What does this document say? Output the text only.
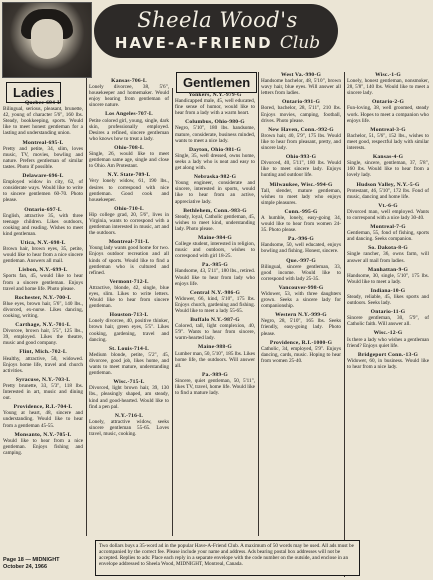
Sheela Wood's
HAVE-A-FRIEND Club
Ladies
Gentlemen
Quebec-694-L
Bilingual, serious, pleasant, brunette, 42, young of character 5'6", 160 lbs. Steady, bookkeeping, sports. Would like to meet honest gentleman for a lasting and understanding union.
Montreal-695-L
Pretty and petite, 34, slim, loves music, TV, movies, bowling and nature. Prefers gentleman of similar tastes. Photo if possible.
Delaware-696-L
Employed widow in city, 62, of considerate ways. Would like to write to sincere gentlemen 60-70. Photo please.
Ontario-697-L
English, attractive 35, with three teenage children. Likes outdoors, cooking and reading. Wishes to meet kind gentleman.
Utica, N.Y.-698-L
Brown hair, brown eyes, 35, petite, would like to hear from a nice sincere gentleman. Answers all mail.
Lisbon, N.Y.-699-L
Sports fan, 45, would like to hear from a sincere gentleman. Enjoys travel and home life. Photo please.
Rochester, N.Y.-700-L
Blue eyes, brown hair, 5'6", 140 lbs., divorced, ex-nurse. Likes dancing, cooking, writing.
Carthage, N.Y.-701-L
Divorcee, brown hair, 5'5", 125 lbs., 39, employed. Likes the theatre, music and good company.
Flint, Mich.-702-L
Healthy, attractive, 50, widowed. Enjoys home life, travel and church activities.
Syracuse, N.Y.-703-L
Pretty brunette, 33, 5'3", 118 lbs. Interested in art, music and dining out.
Providence, R.I.-704-L
Young at heart, 48, sincere and understanding. Would like to hear from a gentleman 45-55.
Monsanto, N.Y.-705-L
Would like to hear from a nice gentleman. Enjoys fishing and camping.
Kansas-706-L
Lonely divorcee, 38, 5'6", housekeeper and homemaker. Would enjoy hearing from gentleman of sincere nature.
Los Angeles-707-L
Petite colored girl, young, single, dark skin, professionally employed. Desires a refined, sincere gentleman who knows how to treat a lady.
Ohio-708-L
Single, 26, would like to meet gentleman same age, single and close to Ohio. Am Protestant.
N.Y. State-709-L
Very lonely widow, 61, 190 lbs., desires to correspond with nice gentleman. Good cook and housekeeper.
Ohio-710-L
Hip college grad, 20, 5'6", lives in Virginia, wants to correspond with a gentleman interested in music, art and the outdoors.
Montreal-711-L
Young lady wants good home for two. Enjoys outdoor recreation and all kinds of sports. Would like to find a gentleman who is cultured and refined.
Vermont-712-L
Attractive, blonde, 42, single, blue eyes, slim. Likes to write letters. Would like to hear from sincere gentleman.
Houston-713-L
Lonely divorcee, 40, positive thinker, brown hair, green eyes, 5'5". Likes cooking, gardening, travel and dancing.
St. Louis-714-L
Medium blonde, petite, 5'2", 45, divorcee, good job, likes home, and wants to meet mature, understanding gentleman.
Wisc.-715-L
Divorced, light brown hair, 39, 130 lbs., pleasingly shaped, am steady, kind and good-hearted. Would like to find a pen pal.
N.Y.-716-L
Lonely, attractive widow, seeks sincere gentleman 55-65. Loves travel, music, cooking.
Yonkers, N.Y.-979-G
Handicapped male, 45, well educated, fine sense of humor, would like to hear from a lady with a warm heart.
Columbus, Ohio-980-G
Negro, 5'10", 180 lbs. handsome, mature, considerate, business minded, wants to meet a nice lady.
Dayton, Ohio-981-G
Single, 35, well dressed, owns home, seeks a lady who is neat and easy to get along with.
Nebraska-982-G
Young engineer, considerate and sincere, interested in sports, would like to hear from an active, appreciative lady.
Bethlehem, Conn.-983-G
Steady, loyal, Catholic gentleman, 45, wishes to meet kind, understanding lady. Photo please.
Maine-984-G
College student, interested in religion, music and outdoors, wishes to correspond with girl 18-25.
Pa.-985-G
Handsome, 43, 5'11", 180 lbs., retired. Would like to hear from lady who enjoys life.
Central N.Y.-986-G
Widower, 66, kind, 5'10", 175 lbs. Enjoys church, gardening and fishing. Would like to meet a lady 55-65.
Buffalo N.Y.-987-G
Colored, tall, light complexion, 40, 5'9". Wants to hear from sincere, warm-hearted lady.
Maine-988-G
Lumber man, 50, 5'10", 185 lbs. Likes home life, the outdoors. Will answer all.
Pa.-989-G
Sincere, quiet gentleman, 50, 5'11", likes TV, travel, home life. Would like to find a mature lady.
West Va.-990-G
Handsome bachelor, 48, 5'10", brown wavy hair, blue eyes. Will answer all letters from ladies.
Ontario-991-G
Bored, bachelor, 28, 5'11", 210 lbs. Enjoys movies, camping, football, drives. Photo please.
New Haven, Conn.-992-G
Brown hair, 40, 5'9", 175 lbs. Would like to hear from pleasant, pretty, and sincere lady.
Ohio-993-G
Divorced, 40, 5'11", 180 lbs. Would like to meet sincere lady. Enjoys hunting and outdoor life.
Milwaukee, Wisc.-994-G
Tall, slender, mature gentleman, wishes to meet lady who enjoys simple pleasures.
Conn.-995-G
A humble, lonely, easy-going 34, would like to hear from women 24-35. Photo please.
Pa.-996-G
Handsome, 50, well educated, enjoys bowling and fishing. Honest, sincere.
Que.-997-G
Bilingual, sincere gentleman, 33, good income. Would like to correspond with lady 25-35.
Vancouver-998-G
Widower, 53, with three daughters grown. Seeks a sincere lady for companionship.
Western N.Y.-999-G
Negro, 28, 5'10", 165 lbs. Seeks friendly, easy-going lady. Photo please.
Providence, R.I.-1000-G
Catholic, 34, employed, 5'9". Enjoys dancing, cards, music. Hoping to hear from women 25-40.
Wisc.-1-G
Lonely, honest gentleman, nonsmoker, 28, 5'8", 140 lbs. Would like to meet a sincere lady.
Ontario-2-G
Fun-loving, 38, well groomed, steady work. Hopes to meet a companion who enjoys life.
Montreal-3-G
Bachelor, 51, 5'6", 152 lbs., wishes to meet good, respectful lady with similar interests.
Kansas-4-G
Single, sincere, gentleman, 37, 5'8", 160 lbs. Would like to hear from a lovely lady.
Hudson Valley, N.Y.-5-G
Protestant, 46, 5'10", 172 lbs. Fond of music, dancing and home life.
Vt.-6-G
Divorced man, well employed. Wants to correspond with a nice lady 30-40.
Montreal-7-G
Gentleman, 55, fond of fishing, sports and dancing. Seeks companion.
So. Dakota-8-G
Single rancher, 36, owns farm, will answer all mail from ladies.
Manhattan-9-G
Handsome, 30, single, 5'10", 175 lbs. Would like to meet a lady.
Indiana-10-G
Steady, reliable, 45, likes sports and outdoors. Seeks lady.
Ontario-11-G
Sincere gentleman, 30, 5'9", of Catholic faith. Will answer all.
Wisc.-12-G
Is there a lady who wishes a gentleman friend? Enjoys quiet life.
Bridgeport Conn.-13-G
Widower, 60, in business. Would like to hear from a nice lady.
Two dollars buys a 35-word ad in the popular Have-A-Friend Club. A maximum of 50 words may be used. All ads must be accompanied by the correct fee. Please include your name and address. Ads bearing postal box addresses will not be accepted. Replies to ads: Place each reply in a separate envelope with the code number on the outside, and enclose in an envelope addressed to Sheela Wood, MIDNIGHT, Montreal, Canada.
Page 18 — MIDNIGHT
October 24, 1966
